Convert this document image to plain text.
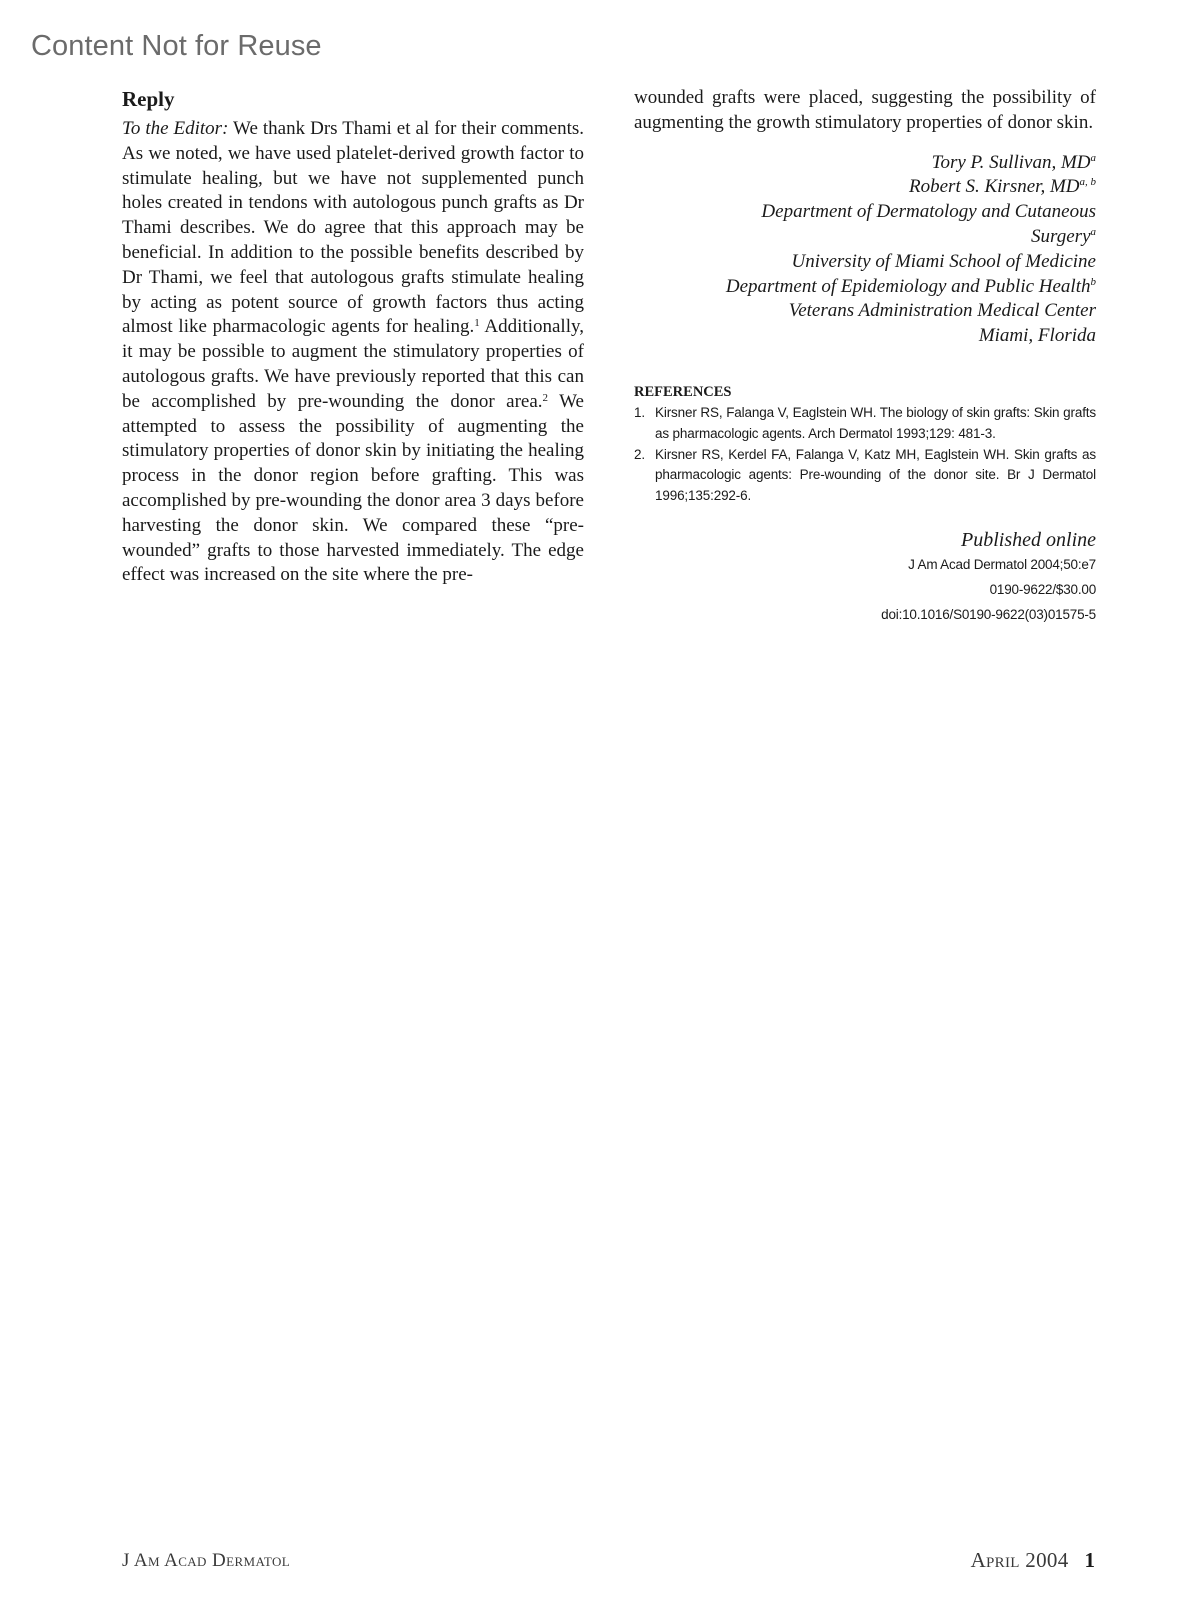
Content Not for Reuse
Reply

To the Editor: We thank Drs Thami et al for their comments. As we noted, we have used platelet-derived growth factor to stimulate healing, but we have not supplemented punch holes created in tendons with autologous punch grafts as Dr Thami describes. We do agree that this approach may be beneficial. In addition to the possible benefits described by Dr Thami, we feel that autologous grafts stimulate healing by acting as potent source of growth factors thus acting almost like pharmacologic agents for healing.$^1$ Additionally, it may be possible to augment the stimulatory properties of autologous grafts. We have previously reported that this can be accomplished by pre-wounding the donor area.$^2$ We attempted to assess the possibility of augmenting the stimulatory properties of donor skin by initiating the healing process in the donor region before grafting. This was accomplished by pre-wounding the donor area 3 days before harvesting the donor skin. We compared these “pre-wounded” grafts to those harvested immediately. The edge effect was increased on the site where the pre-

wounded grafts were placed, suggesting the possibility of augmenting the growth stimulatory properties of donor skin.

Tory P. Sullivan, $MD^a$
Robert S. Kirsner, MD$^{a, b}$
Department of Dermatology and Cutaneous
Surgery$^a$
University of Miami School of Medicine
Department of Epidemiology and Public Health$^b$
Veterans Administration Medical Center
Miami, Florida
REFERENCES
1. Kirsner RS, Falanga V, Eaglstein WH. The biology of skin grafts: Skin grafts as pharmacologic agents. Arch Dermatol 1993;129: 481-3.
2. Kirsner RS, Kerdel FA, Falanga V, Katz MH, Eaglstein WH. Skin grafts as pharmacologic agents: Pre-wounding of the donor site. Br J Dermatol 1996;135:292-6.
Published online
J Am Acad Dermatol 2004;50:e7
0190-9622/$30.00
doi:10.1016/S0190-9622(03)01575-5
J Am Acad Dermatol	April 2004 1
